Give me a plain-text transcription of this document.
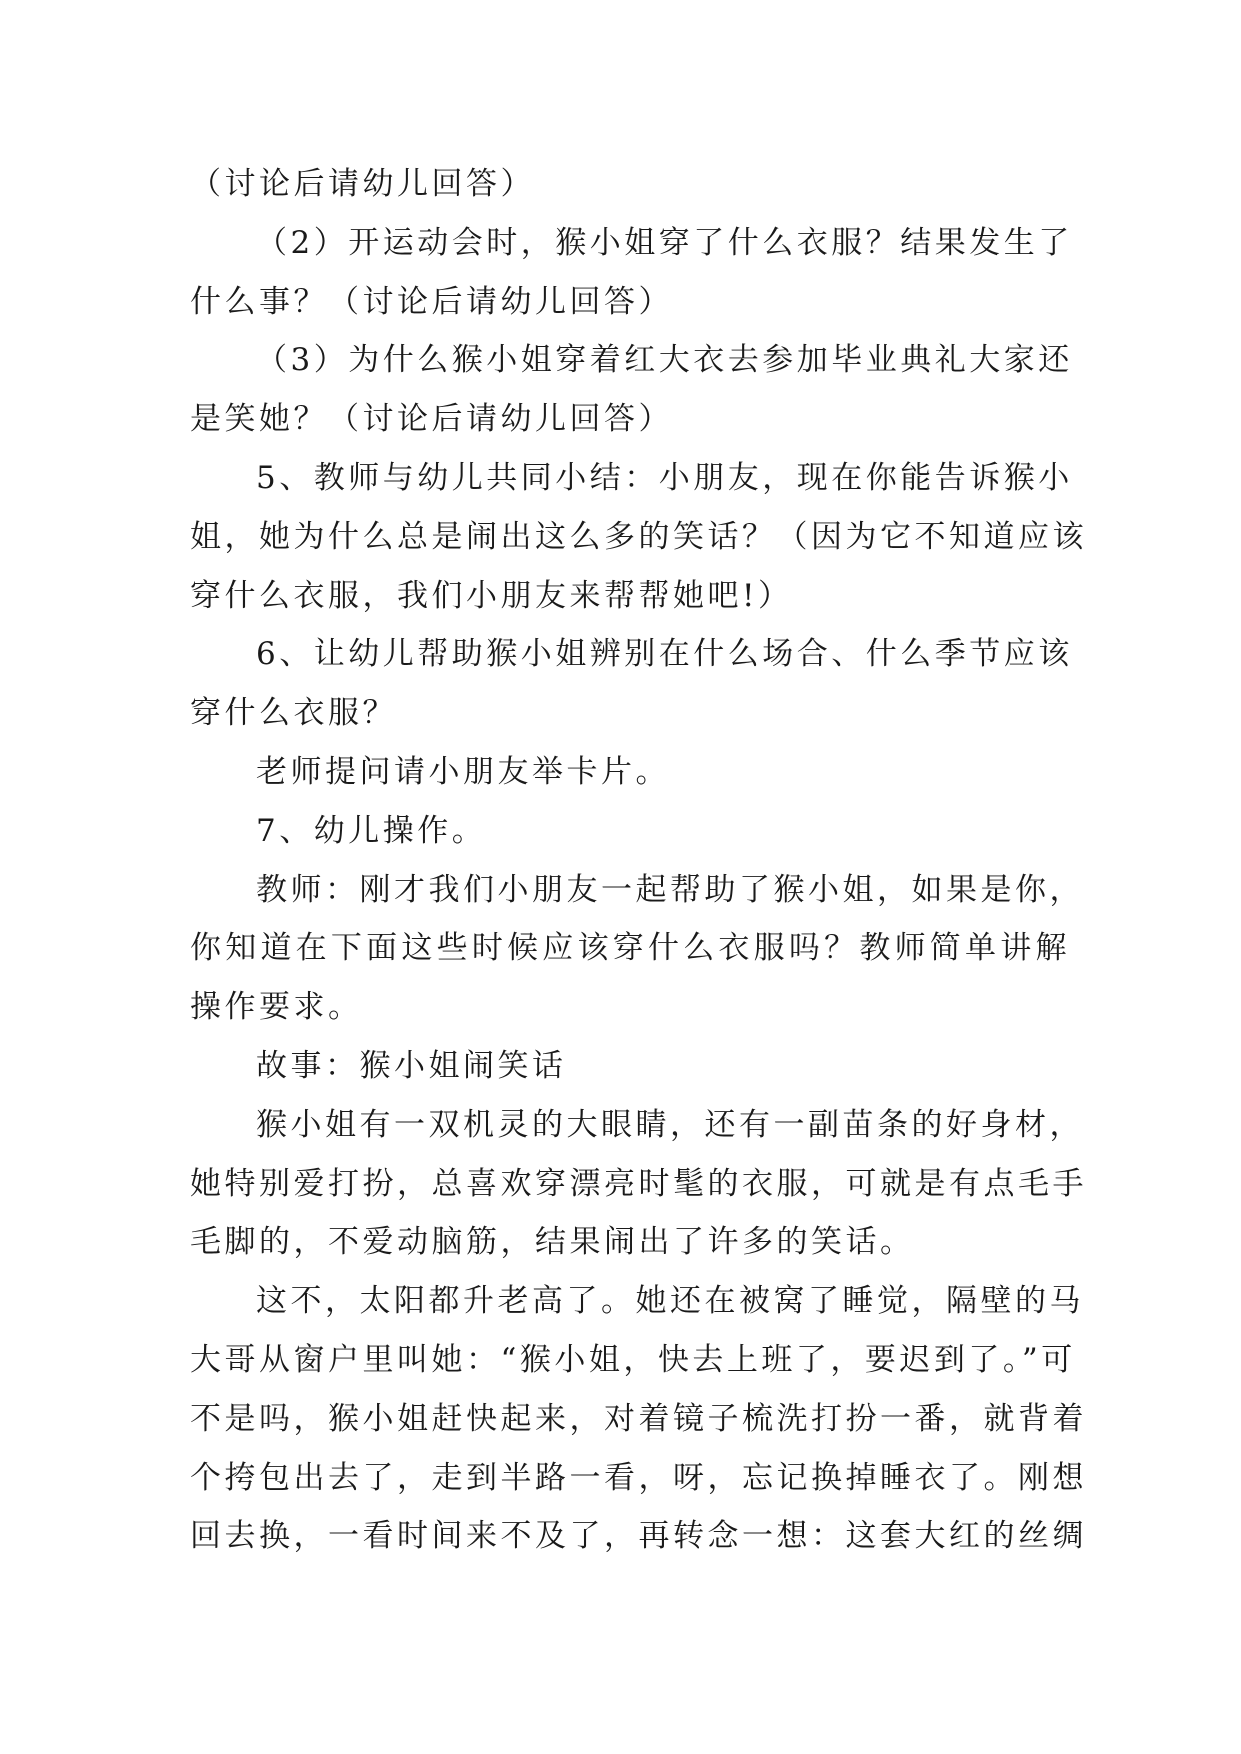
（讨论后请幼儿回答）
（2）开运动会时，猴小姐穿了什么衣服？结果发生了
什么事？（讨论后请幼儿回答）
（3）为什么猴小姐穿着红大衣去参加毕业典礼大家还
是笑她？（讨论后请幼儿回答）
5、教师与幼儿共同小结：小朋友，现在你能告诉猴小
姐，她为什么总是闹出这么多的笑话？（因为它不知道应该
穿什么衣服，我们小朋友来帮帮她吧!）
6、让幼儿帮助猴小姐辨别在什么场合、什么季节应该
穿什么衣服？
老师提问请小朋友举卡片。
7、幼儿操作。
教师：刚才我们小朋友一起帮助了猴小姐，如果是你，
你知道在下面这些时候应该穿什么衣服吗？教师简单讲解
操作要求。
故事：猴小姐闹笑话
猴小姐有一双机灵的大眼睛，还有一副苗条的好身材，
她特别爱打扮，总喜欢穿漂亮时髦的衣服，可就是有点毛手
毛脚的，不爱动脑筋，结果闹出了许多的笑话。
这不，太阳都升老高了。她还在被窝了睡觉，隔壁的马
大哥从窗户里叫她：“猴小姐，快去上班了，要迟到了。”可
不是吗，猴小姐赶快起来，对着镜子梳洗打扮一番，就背着
个挎包出去了，走到半路一看，呀，忘记换掉睡衣了。刚想
回去换，一看时间来不及了，再转念一想：这套大红的丝绸
